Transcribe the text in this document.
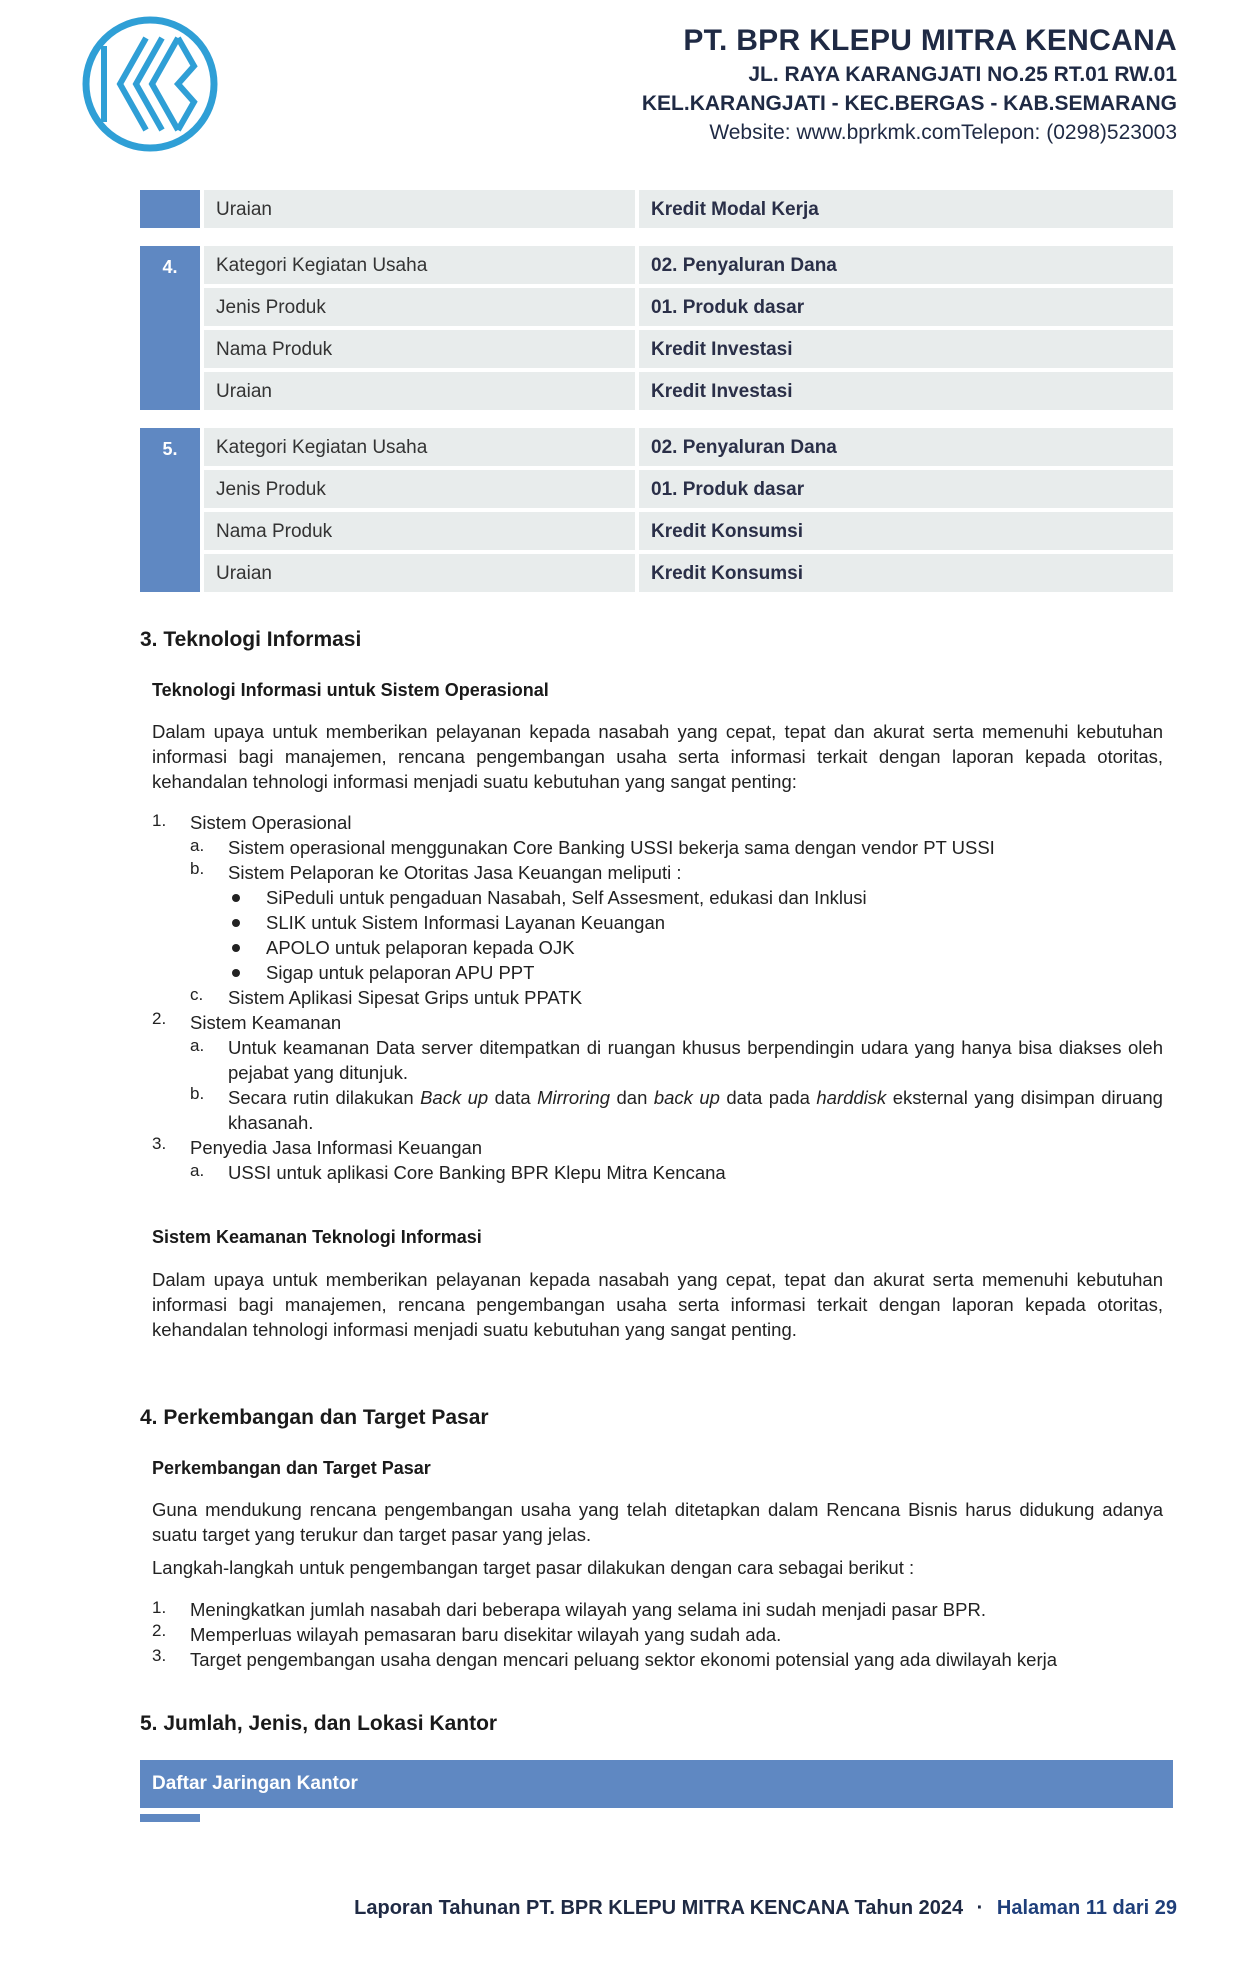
PT. BPR KLEPU MITRA KENCANA
JL. RAYA KARANGJATI NO.25 RT.01 RW.01
KEL.KARANGJATI - KEC.BERGAS - KAB.SEMARANG
Website: www.bprkmk.comTelepon: (0298)523003
Uraian	Kredit Modal Kerja
4.	Kategori Kegiatan Usaha	02. Penyaluran Dana
Jenis Produk	01. Produk dasar
Nama Produk	Kredit Investasi
Uraian	Kredit Investasi
5.	Kategori Kegiatan Usaha	02. Penyaluran Dana
Jenis Produk	01. Produk dasar
Nama Produk	Kredit Konsumsi
Uraian	Kredit Konsumsi
3. Teknologi Informasi
Teknologi Informasi untuk Sistem Operasional
Dalam upaya untuk memberikan pelayanan kepada nasabah yang cepat, tepat dan akurat serta memenuhi kebutuhan informasi bagi manajemen, rencana pengembangan usaha serta informasi terkait dengan laporan kepada otoritas, kehandalan tehnologi informasi menjadi suatu kebutuhan yang sangat penting:
1. Sistem Operasional
a. Sistem operasional menggunakan Core Banking USSI bekerja sama dengan vendor PT USSI
b. Sistem Pelaporan ke Otoritas Jasa Keuangan meliputi :
SiPeduli untuk pengaduan Nasabah, Self Assesment, edukasi dan Inklusi
SLIK untuk Sistem Informasi Layanan Keuangan
APOLO untuk pelaporan kepada OJK
Sigap untuk pelaporan APU PPT
c. Sistem Aplikasi Sipesat Grips untuk PPATK
2. Sistem Keamanan
a. Untuk keamanan Data server ditempatkan di ruangan khusus berpendingin udara yang hanya bisa diakses oleh pejabat yang ditunjuk.
b. Secara rutin dilakukan Back up data Mirroring dan back up data pada harddisk eksternal yang disimpan diruang khasanah.
3. Penyedia Jasa Informasi Keuangan
a. USSI untuk aplikasi Core Banking BPR Klepu Mitra Kencana
Sistem Keamanan Teknologi Informasi
Dalam upaya untuk memberikan pelayanan kepada nasabah yang cepat, tepat dan akurat serta memenuhi kebutuhan informasi bagi manajemen, rencana pengembangan usaha serta informasi terkait dengan laporan kepada otoritas, kehandalan tehnologi informasi menjadi suatu kebutuhan yang sangat penting.
4. Perkembangan dan Target Pasar
Perkembangan dan Target Pasar
Guna mendukung rencana pengembangan usaha yang telah ditetapkan dalam Rencana Bisnis harus didukung adanya suatu target yang terukur dan target pasar yang jelas.
Langkah-langkah untuk pengembangan target pasar dilakukan dengan cara sebagai berikut :
1. Meningkatkan jumlah nasabah dari beberapa wilayah yang selama ini sudah menjadi pasar BPR.
2. Memperluas wilayah pemasaran baru disekitar wilayah yang sudah ada.
3. Target pengembangan usaha dengan mencari peluang sektor ekonomi potensial yang ada diwilayah kerja
5. Jumlah, Jenis, dan Lokasi Kantor
Daftar Jaringan Kantor
Laporan Tahunan PT. BPR KLEPU MITRA KENCANA Tahun 2024 · Halaman 11 dari 29
